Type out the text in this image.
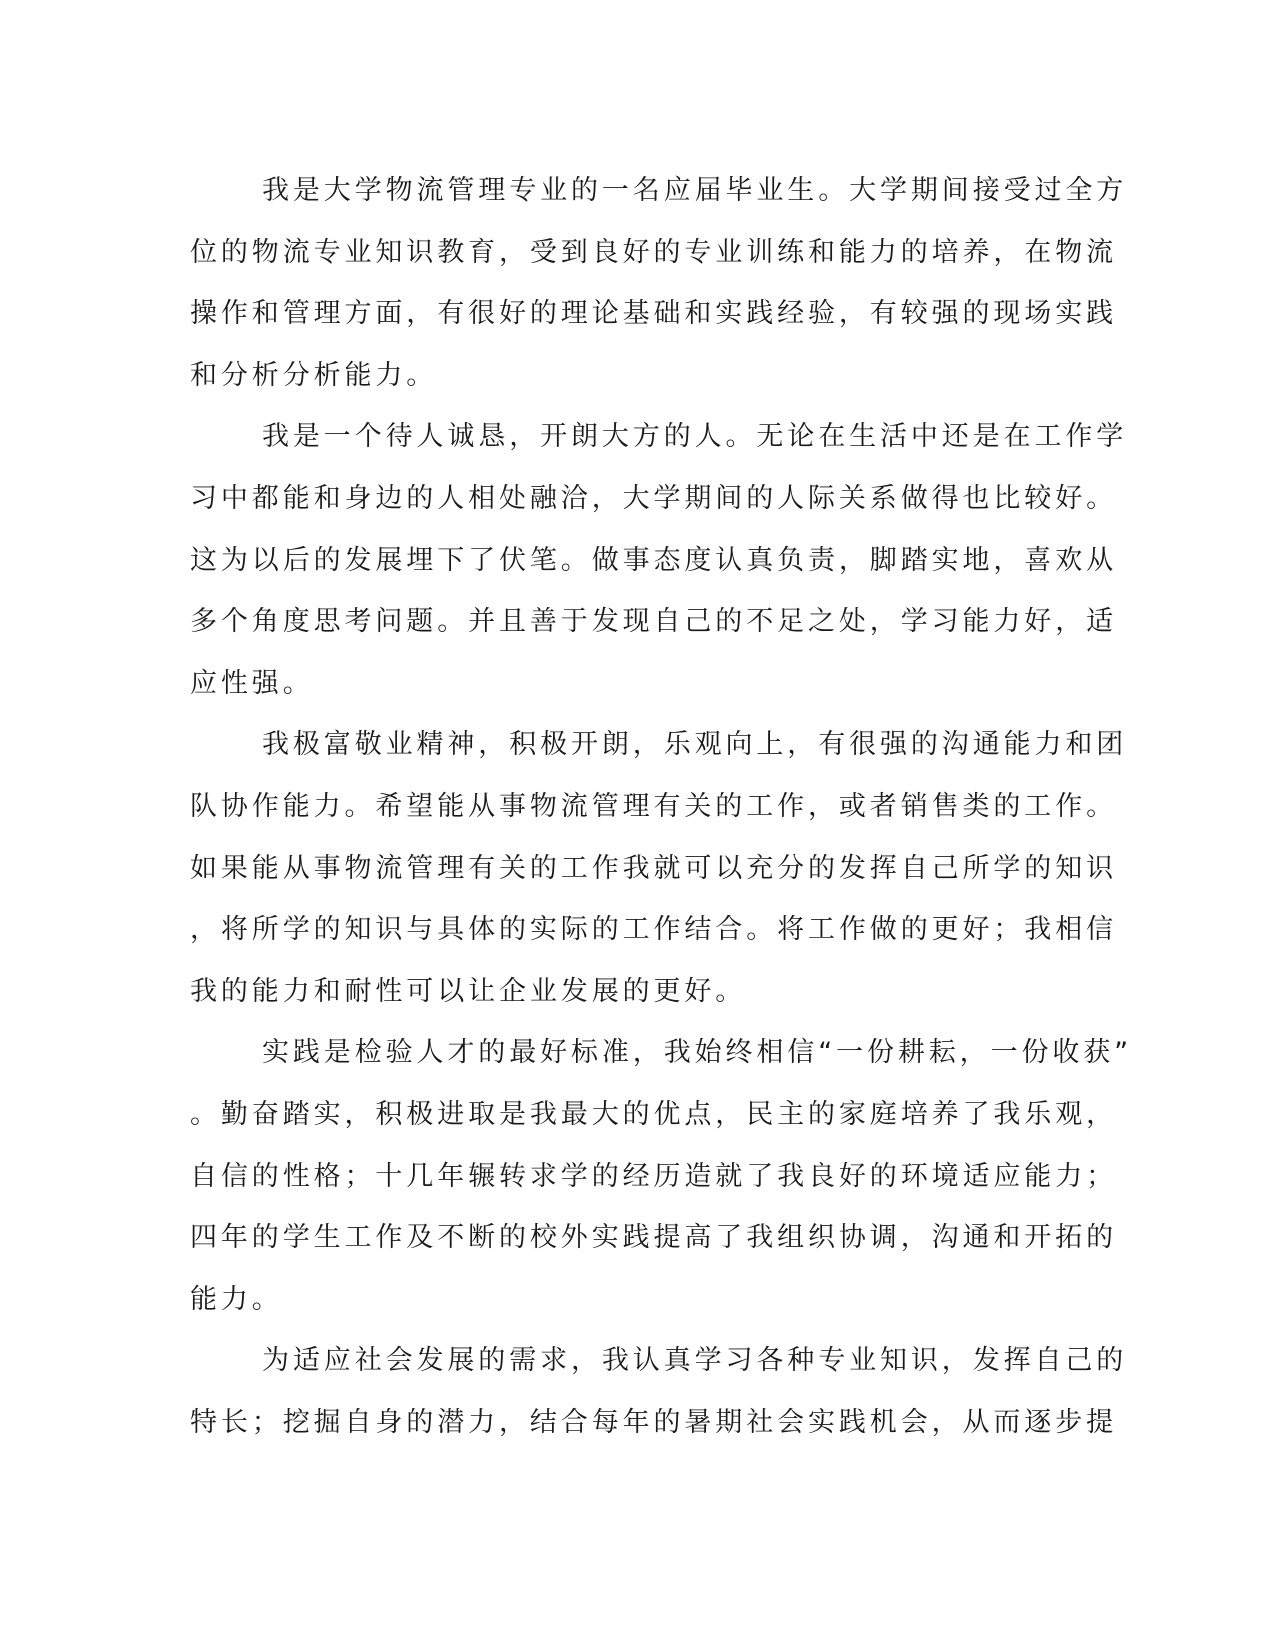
我是大学物流管理专业的一名应届毕业生。大学期间接受过全方
位的物流专业知识教育，受到良好的专业训练和能力的培养，在物流
操作和管理方面，有很好的理论基础和实践经验，有较强的现场实践
和分析分析能力。
我是一个待人诚恳，开朗大方的人。无论在生活中还是在工作学
习中都能和身边的人相处融洽，大学期间的人际关系做得也比较好。
这为以后的发展埋下了伏笔。做事态度认真负责，脚踏实地，喜欢从
多个角度思考问题。并且善于发现自己的不足之处，学习能力好，适
应性强。
我极富敬业精神，积极开朗，乐观向上，有很强的沟通能力和团
队协作能力。希望能从事物流管理有关的工作，或者销售类的工作。
如果能从事物流管理有关的工作我就可以充分的发挥自己所学的知识
，将所学的知识与具体的实际的工作结合。将工作做的更好；我相信
我的能力和耐性可以让企业发展的更好。
实践是检验人才的最好标准，我始终相信“一份耕耘，一份收获”
。勤奋踏实，积极进取是我最大的优点，民主的家庭培养了我乐观，
自信的性格；十几年辗转求学的经历造就了我良好的环境适应能力；
四年的学生工作及不断的校外实践提高了我组织协调，沟通和开拓的
能力。
为适应社会发展的需求，我认真学习各种专业知识，发挥自己的
特长；挖掘自身的潜力，结合每年的暑期社会实践机会，从而逐步提
